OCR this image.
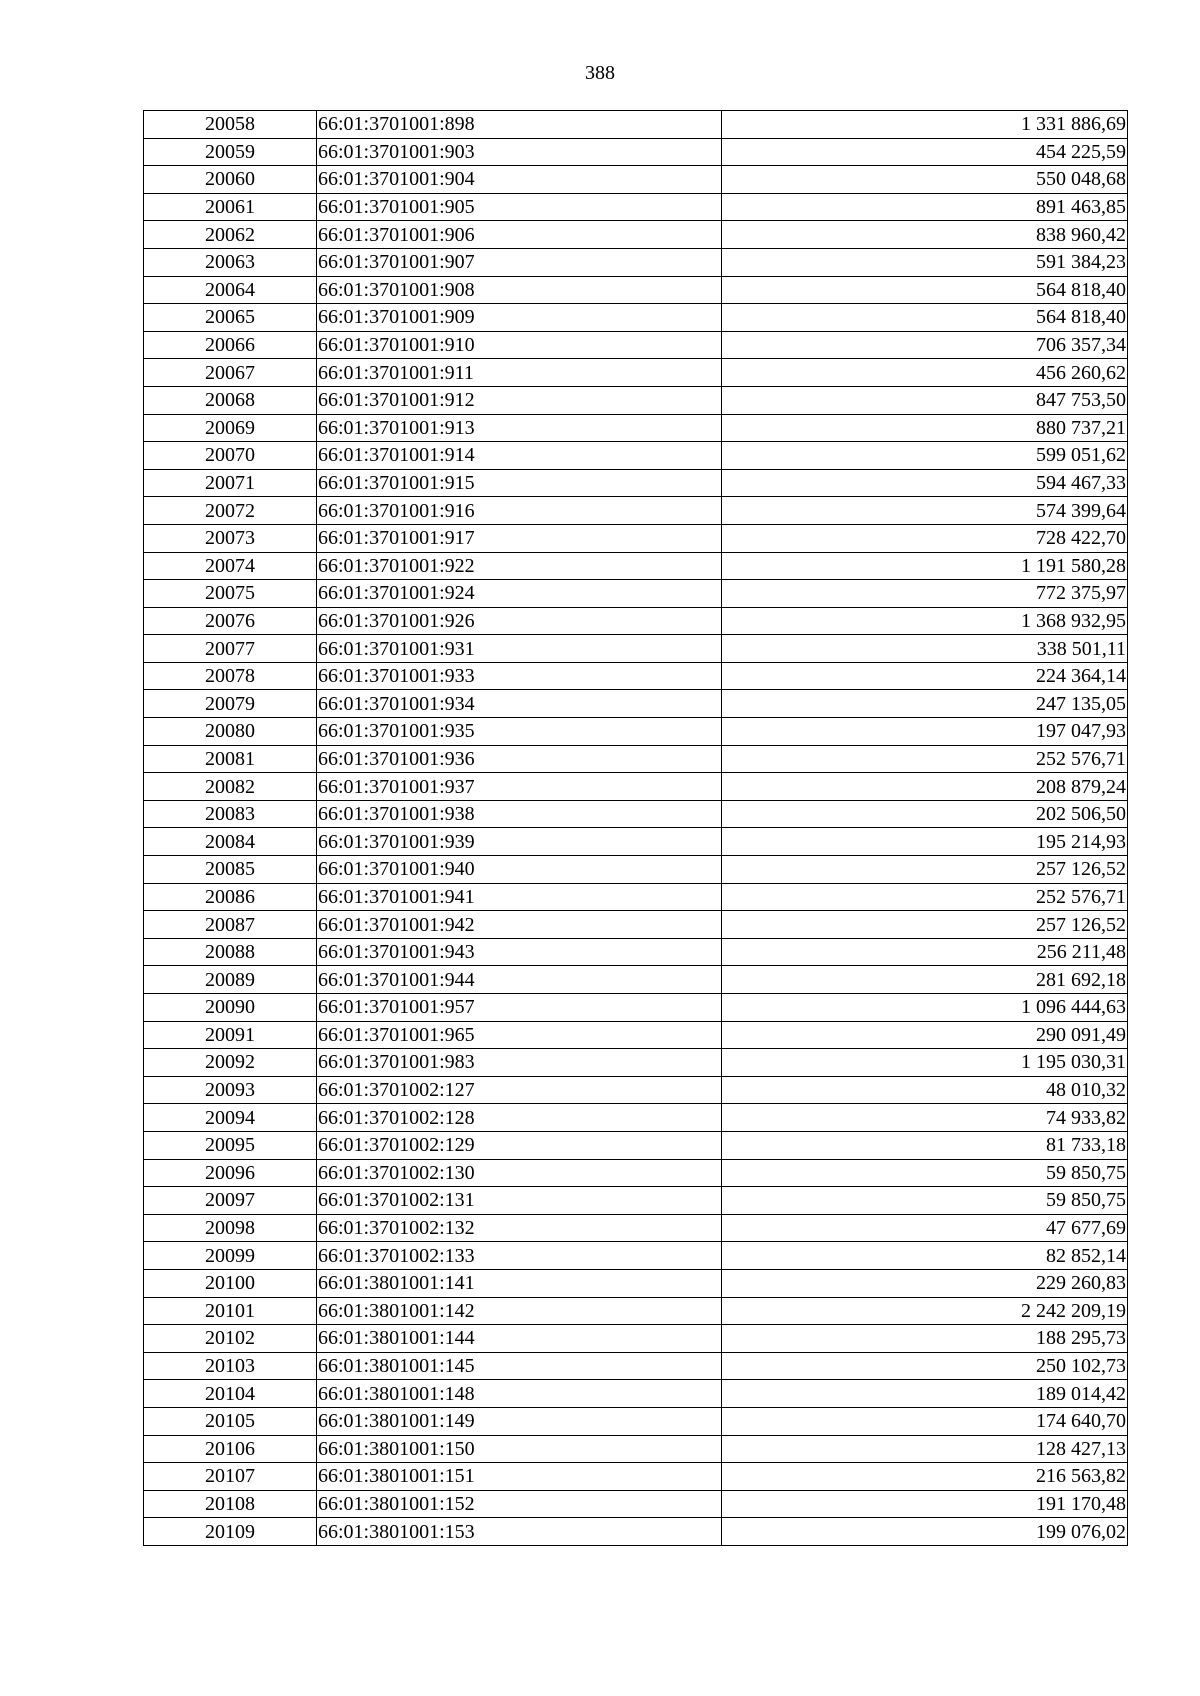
388
20058	66:01:3701001:898	1 331 886,69
20059	66:01:3701001:903	454 225,59
20060	66:01:3701001:904	550 048,68
20061	66:01:3701001:905	891 463,85
20062	66:01:3701001:906	838 960,42
20063	66:01:3701001:907	591 384,23
20064	66:01:3701001:908	564 818,40
20065	66:01:3701001:909	564 818,40
20066	66:01:3701001:910	706 357,34
20067	66:01:3701001:911	456 260,62
20068	66:01:3701001:912	847 753,50
20069	66:01:3701001:913	880 737,21
20070	66:01:3701001:914	599 051,62
20071	66:01:3701001:915	594 467,33
20072	66:01:3701001:916	574 399,64
20073	66:01:3701001:917	728 422,70
20074	66:01:3701001:922	1 191 580,28
20075	66:01:3701001:924	772 375,97
20076	66:01:3701001:926	1 368 932,95
20077	66:01:3701001:931	338 501,11
20078	66:01:3701001:933	224 364,14
20079	66:01:3701001:934	247 135,05
20080	66:01:3701001:935	197 047,93
20081	66:01:3701001:936	252 576,71
20082	66:01:3701001:937	208 879,24
20083	66:01:3701001:938	202 506,50
20084	66:01:3701001:939	195 214,93
20085	66:01:3701001:940	257 126,52
20086	66:01:3701001:941	252 576,71
20087	66:01:3701001:942	257 126,52
20088	66:01:3701001:943	256 211,48
20089	66:01:3701001:944	281 692,18
20090	66:01:3701001:957	1 096 444,63
20091	66:01:3701001:965	290 091,49
20092	66:01:3701001:983	1 195 030,31
20093	66:01:3701002:127	48 010,32
20094	66:01:3701002:128	74 933,82
20095	66:01:3701002:129	81 733,18
20096	66:01:3701002:130	59 850,75
20097	66:01:3701002:131	59 850,75
20098	66:01:3701002:132	47 677,69
20099	66:01:3701002:133	82 852,14
20100	66:01:3801001:141	229 260,83
20101	66:01:3801001:142	2 242 209,19
20102	66:01:3801001:144	188 295,73
20103	66:01:3801001:145	250 102,73
20104	66:01:3801001:148	189 014,42
20105	66:01:3801001:149	174 640,70
20106	66:01:3801001:150	128 427,13
20107	66:01:3801001:151	216 563,82
20108	66:01:3801001:152	191 170,48
20109	66:01:3801001:153	199 076,02
